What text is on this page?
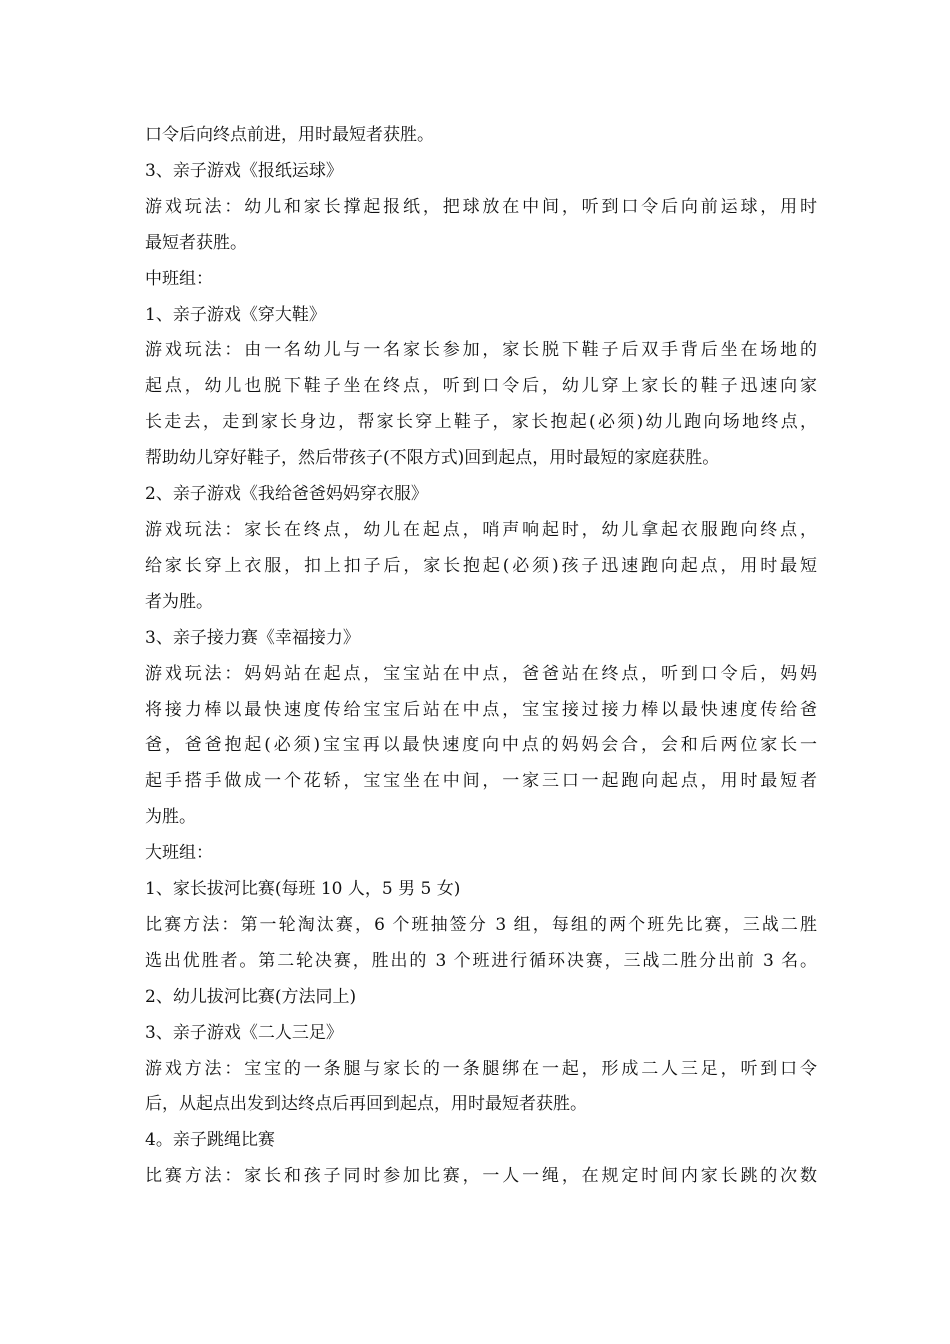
口令后向终点前进，用时最短者获胜。

3、亲子游戏《报纸运球》

游戏玩法：幼儿和家长撑起报纸，把球放在中间，听到口令后向前运球，用时

最短者获胜。

中班组：

1、亲子游戏《穿大鞋》

游戏玩法：由一名幼儿与一名家长参加，家长脱下鞋子后双手背后坐在场地的

起点，幼儿也脱下鞋子坐在终点，听到口令后，幼儿穿上家长的鞋子迅速向家

长走去，走到家长身边，帮家长穿上鞋子，家长抱起(必须)幼儿跑向场地终点，

帮助幼儿穿好鞋子，然后带孩子(不限方式)回到起点，用时最短的家庭获胜。

2、亲子游戏《我给爸爸妈妈穿衣服》

游戏玩法：家长在终点，幼儿在起点，哨声响起时，幼儿拿起衣服跑向终点，

给家长穿上衣服，扣上扣子后，家长抱起(必须)孩子迅速跑向起点，用时最短

者为胜。

3、亲子接力赛《幸福接力》

游戏玩法：妈妈站在起点，宝宝站在中点，爸爸站在终点，听到口令后，妈妈

将接力棒以最快速度传给宝宝后站在中点，宝宝接过接力棒以最快速度传给爸

爸，爸爸抱起(必须)宝宝再以最快速度向中点的妈妈会合，会和后两位家长一

起手搭手做成一个花轿，宝宝坐在中间，一家三口一起跑向起点，用时最短者

为胜。

大班组：

1、家长拔河比赛(每班 10 人，5 男 5 女)

比赛方法：第一轮淘汰赛，6 个班抽签分 3 组，每组的两个班先比赛，三战二胜

选出优胜者。第二轮决赛，胜出的 3 个班进行循环决赛，三战二胜分出前 3 名。

2、幼儿拔河比赛(方法同上)

3、亲子游戏《二人三足》

游戏方法：宝宝的一条腿与家长的一条腿绑在一起，形成二人三足，听到口令

后，从起点出发到达终点后再回到起点，用时最短者获胜。

4。亲子跳绳比赛

比赛方法：家长和孩子同时参加比赛，一人一绳，在规定时间内家长跳的次数
